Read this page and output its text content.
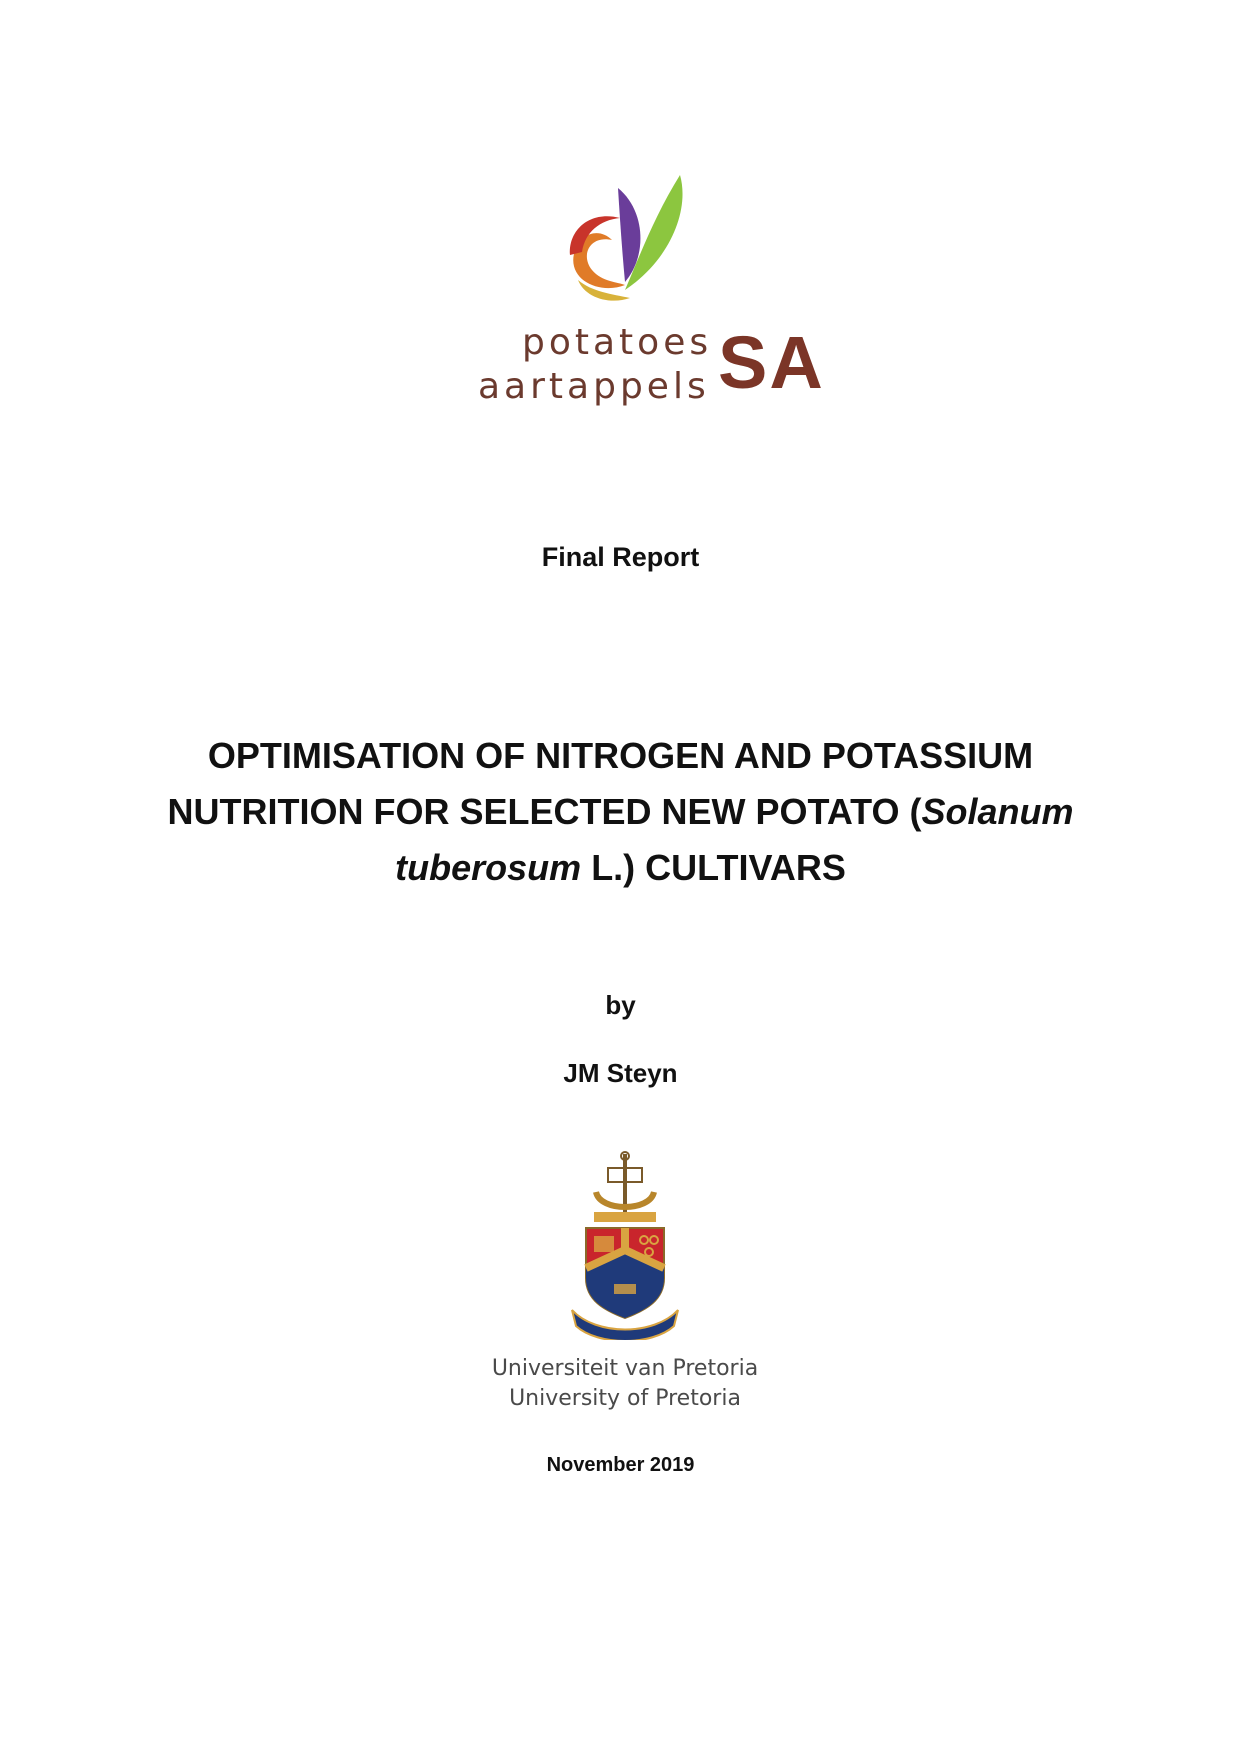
potatoes
aartappels SA
Final Report
OPTIMISATION OF NITROGEN AND POTASSIUM
NUTRITION FOR SELECTED NEW POTATO (Solanum
tuberosum L.) CULTIVARS
by
JM Steyn
Universiteit van Pretoria
University of Pretoria
November 2019
